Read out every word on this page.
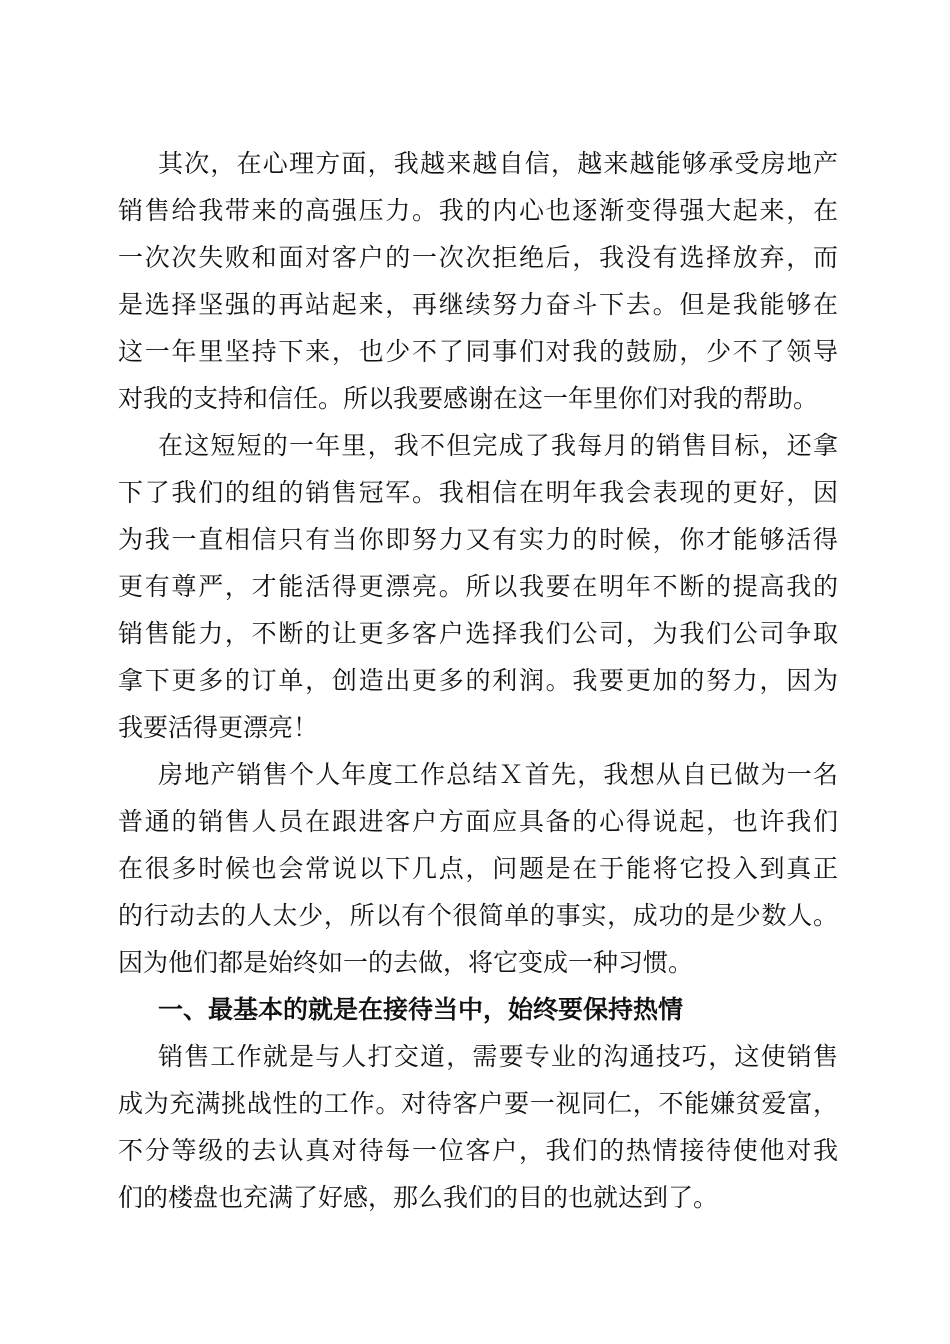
其次，在心理方面，我越来越自信，越来越能够承受房地产
销售给我带来的高强压力。我的内心也逐渐变得强大起来，在
一次次失败和面对客户的一次次拒绝后，我没有选择放弃，而
是选择坚强的再站起来，再继续努力奋斗下去。但是我能够在
这一年里坚持下来，也少不了同事们对我的鼓励，少不了领导
对我的支持和信任。所以我要感谢在这一年里你们对我的帮助。
在这短短的一年里，我不但完成了我每月的销售目标，还拿
下了我们的组的销售冠军。我相信在明年我会表现的更好，因
为我一直相信只有当你即努力又有实力的时候，你才能够活得
更有尊严，才能活得更漂亮。所以我要在明年不断的提高我的
销售能力，不断的让更多客户选择我们公司，为我们公司争取
拿下更多的订单，创造出更多的利润。我要更加的努力，因为
我要活得更漂亮！
房地产销售个人年度工作总结Ｘ首先，我想从自已做为一名
普通的销售人员在跟进客户方面应具备的心得说起，也许我们
在很多时候也会常说以下几点，问题是在于能将它投入到真正
的行动去的人太少，所以有个很简单的事实，成功的是少数人。
因为他们都是始终如一的去做，将它变成一种习惯。
一、最基本的就是在接待当中，始终要保持热情
销售工作就是与人打交道，需要专业的沟通技巧，这使销售
成为充满挑战性的工作。对待客户要一视同仁，不能嫌贫爱富，
不分等级的去认真对待每一位客户，我们的热情接待使他对我
们的楼盘也充满了好感，那么我们的目的也就达到了。
